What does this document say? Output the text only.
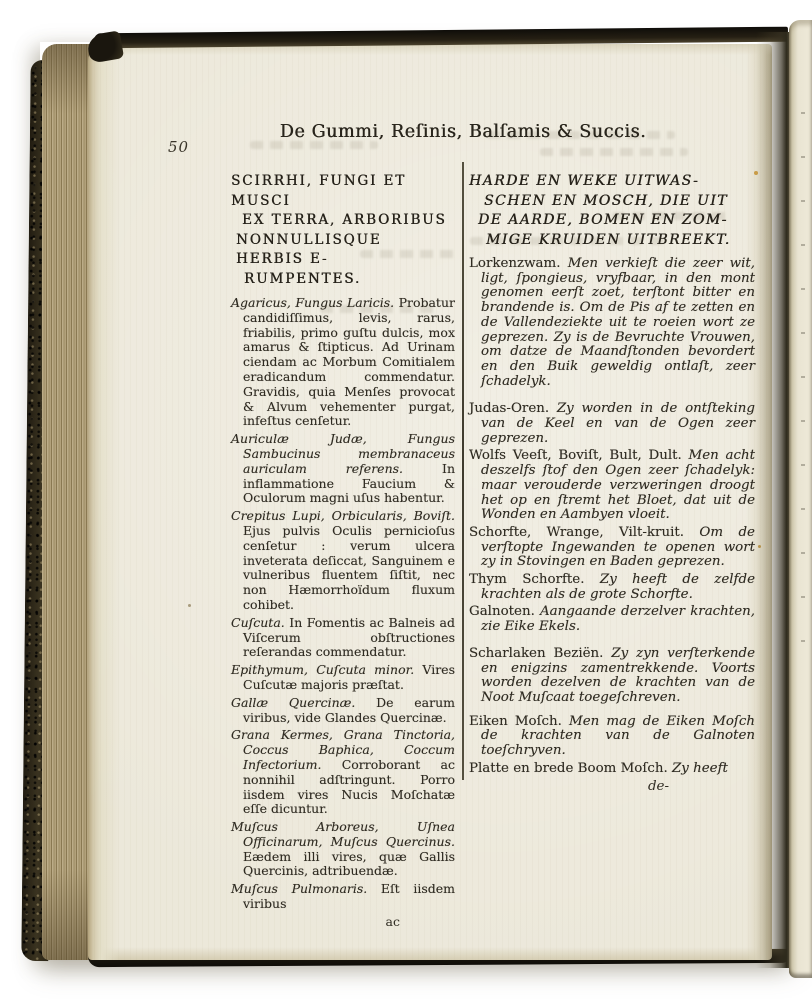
50
De Gummi, Reſinis, Balſamis & Succis.
SCIRRHI, FUNGI ET MUSCI
EX TERRA, ARBORIBUS
NONNULLISQUE HERBIS E-
RUMPENTES.
Agaricus, Fungus Laricis. Probatur candidiſſimus, levis, rarus, friabilis, primo guſtu dulcis, mox amarus & ſtipticus. Ad Urinam ciendam ac Morbum Comitialem eradicandum commendatur. Gravidis, quia Menſes provocat & Alvum vehementer purgat, infeſtus cenſetur.
Auriculæ Judæ, Fungus Sambucinus membranaceus auriculam referens.	In inflammatione Faucium & Oculorum magni uſus habentur.
Crepitus Lupi, Orbicularis, Boviſt. Ejus pulvis Oculis pernicioſus cenſetur : verum ulcera inveterata deſiccat, Sanguinem e vulneribus fluentem ſiſtit, nec non Hæmorrhoïdum fluxum cohibet.
Cuſcuta. In Fomentis ac Balneis ad Viſcerum obſtructiones reſerandas commendatur.
Epithymum, Cuſcuta minor. Vires Cuſcutæ majoris præſtat.
Gallæ Quercinæ. De earum viribus, vide Glandes Quercinæ.
Grana Kermes, Grana Tinctoria, Coccus Baphica, Coccum Infectorium. Corroborant ac nonnihil adſtringunt. Porro iisdem vires Nucis Moſchatæ eſſe dicuntur.
Muſcus Arboreus, Uſnea Officinarum, Muſcus Quercinus. Eædem illi vires, quæ Gallis Quercinis, adtribuendæ.
Muſcus Pulmonaris. Eſt iisdem viribus
ac
HARDE EN WEKE UITWAS-
SCHEN EN MOSCH, DIE UIT
DE AARDE, BOMEN EN ZOM-
MIGE KRUIDEN UITBREEKT.
Lorkenzwam. Men verkieſt die zeer wit, ligt, ſpongieus, vryfbaar, in den mont genomen eerſt zoet, terſtont bitter en brandende is. Om de Pis af te zetten en de Vallendeziekte uit te roeien wort ze geprezen. Zy is de Bevruchte Vrouwen, om datze de Maandſtonden bevordert en den Buik geweldig ontlaſt, zeer ſchadelyk.
Judas-Oren. Zy worden in de ontſteking van de Keel en van de Ogen zeer geprezen.
Wolfs Veeſt, Boviſt, Bult, Dult. Men acht deszelfs ſtof den Ogen zeer ſchadelyk: maar verouderde verzweringen droogt het op en ſtremt het Bloet, dat uit de Wonden en Aambyen vloeit.
Schorfte, Wrange, Vilt-kruit. Om de verſtopte Ingewanden te openen wort zy in Stovingen en Baden geprezen.
Thym Schorfte. Zy heeft de zelfde krachten als de grote Schorfte.
Galnoten. Aangaande derzelver krachten, zie Eike Ekels.
Scharlaken Beziën. Zy zyn verſterkende en enigzins zamentrekkende. Voorts worden dezelven de krachten van de Noot Muſcaat toegeſchreven.
Eiken Moſch. Men mag de Eiken Moſch de krachten van de Galnoten toeſchryven.
Platte en brede Boom Moſch. Zy heeft
de-
